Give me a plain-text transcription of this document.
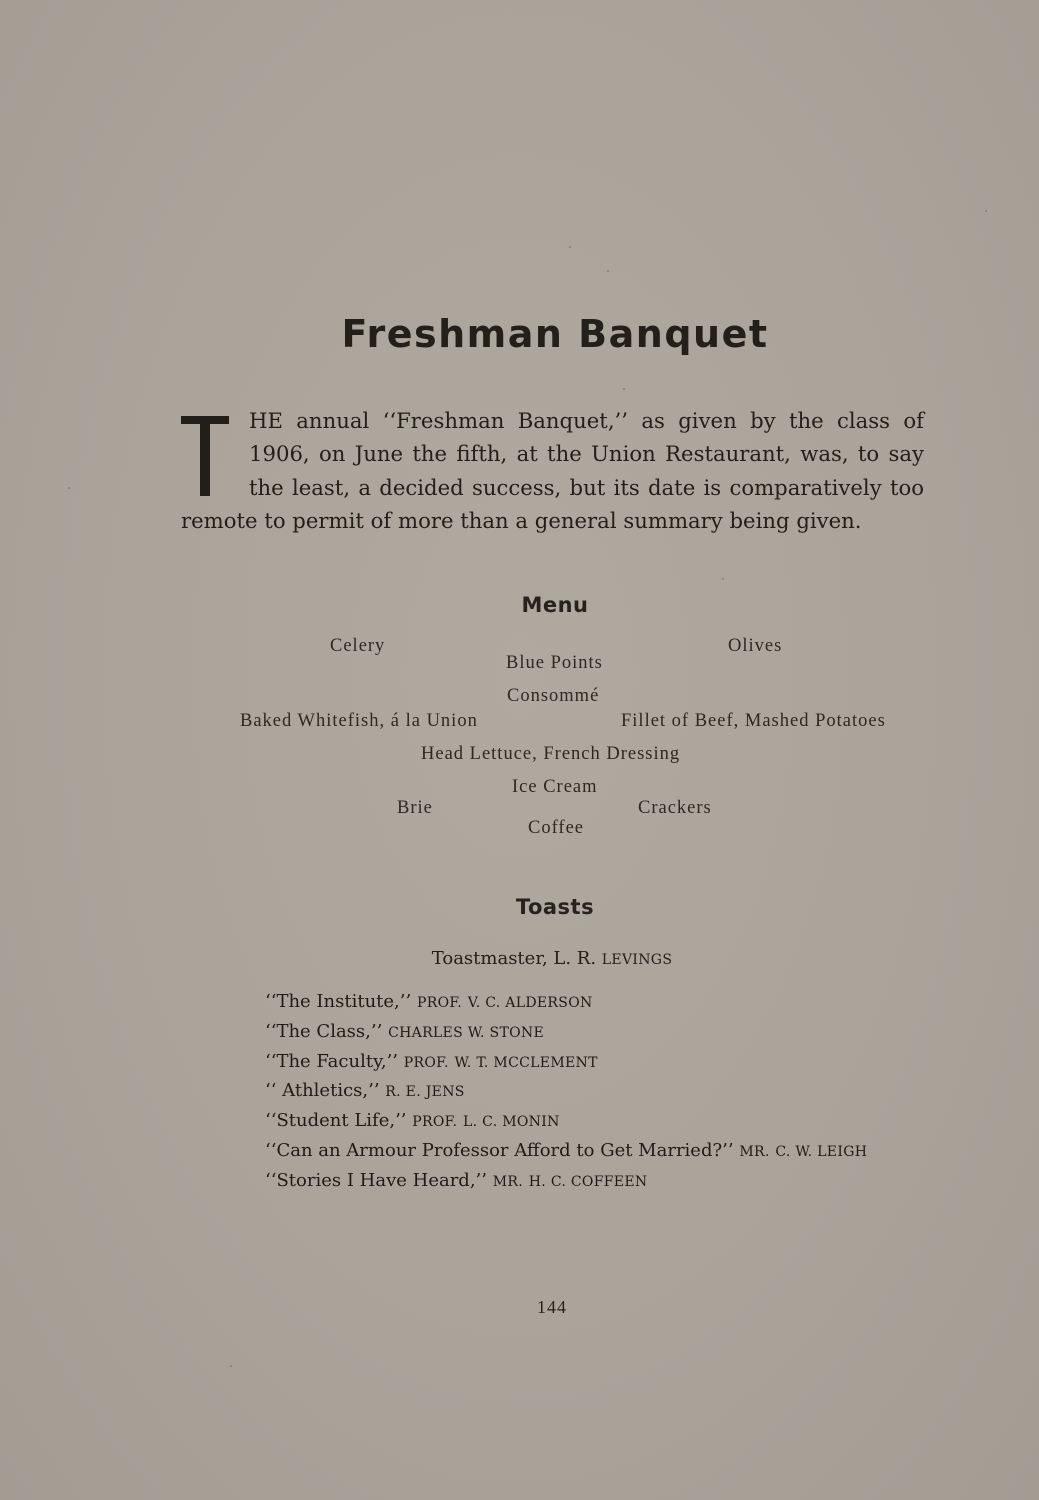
Freshman Banquet
HE annual ‘‘Freshman Banquet,’’ as given by the class of 1906, on June the fifth, at the Union Restaurant, was, to say the least, a decided success, but its date is comparatively too remote to permit of more than a general summary being given.
Menu
Celery	Olives
Blue Points
Consommé
Baked Whitefish, á la Union	Fillet of Beef, Mashed Potatoes
Head Lettuce, French Dressing
Ice Cream
Brie	Crackers
Coffee
Toasts
Toastmaster, L. R. LEVINGS
‘‘The Institute,’’ PROF. V. C. ALDERSON
‘‘The Class,’’ CHARLES W. STONE
‘‘The Faculty,’’ PROF. W. T. MCCLEMENT
‘‘ Athletics,’’ R. E. JENS
‘‘Student Life,’’ PROF. L. C. MONIN
‘‘Can an Armour Professor Afford to Get Married?’’ MR. C. W. LEIGH
‘‘Stories I Have Heard,’’ MR. H. C. COFFEEN
144
